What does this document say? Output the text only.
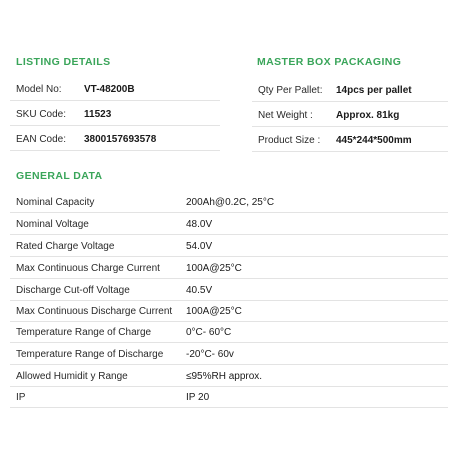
LISTING DETAILS
Model No: VT-48200B
SKU Code: 11523
EAN Code: 3800157693578
MASTER BOX PACKAGING
Qty Per Pallet: 14pcs per pallet
Net Weight : Approx. 81kg
Product Size : 445*244*500mm
GENERAL DATA
Nominal Capacity	200Ah@0.2C, 25°C
Nominal Voltage	48.0V
Rated Charge Voltage	54.0V
Max Continuous Charge Current	100A@25°C
Discharge Cut-off Voltage	40.5V
Max Continuous Discharge Current 100A@25°C
Temperature Range of Charge	0°C- 60°C
Temperature Range of Discharge -20°C- 60v
Allowed Humidit y Range	≤95%RH approx.
IP	IP 20
